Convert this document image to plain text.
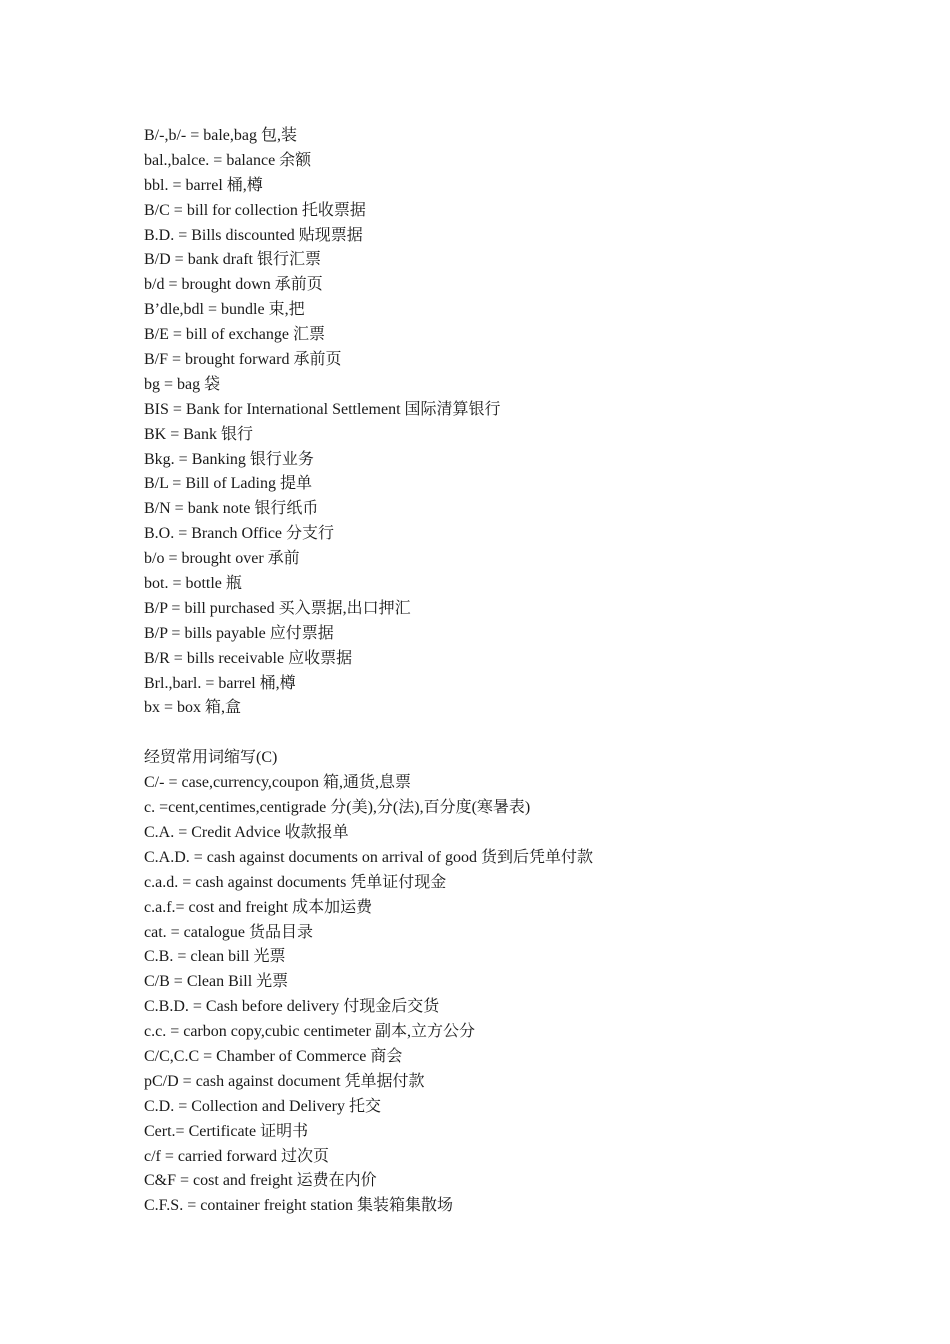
B/-,b/- = bale,bag 包,装
bal.,balce. = balance 余额
bbl. = barrel 桶,樽
B/C = bill for collection 托收票据
B.D. = Bills discounted 贴现票据
B/D = bank draft 银行汇票
b/d = brought down 承前页
B’dle,bdl = bundle 束,把
B/E = bill of exchange 汇票
B/F = brought forward 承前页
bg = bag 袋
BIS = Bank for International Settlement 国际清算银行
BK = Bank 银行
Bkg. = Banking 银行业务
B/L = Bill of Lading 提单
B/N = bank note 银行纸币
B.O. = Branch Office 分支行
b/o = brought over 承前
bot. = bottle 瓶
B/P = bill purchased 买入票据,出口押汇
B/P = bills payable 应付票据
B/R = bills receivable 应收票据
Brl.,barl. = barrel 桶,樽
bx = box 箱,盒
经贸常用词缩写(C)
C/- = case,currency,coupon 箱,通货,息票
c. =cent,centimes,centigrade 分(美),分(法),百分度(寒暑表)
C.A. = Credit Advice 收款报单
C.A.D. = cash against documents on arrival of good 货到后凭单付款
c.a.d. = cash against documents 凭单证付现金
c.a.f.= cost and freight 成本加运费
cat. = catalogue 货品目录
C.B. = clean bill 光票
C/B = Clean Bill 光票
C.B.D. = Cash before delivery 付现金后交货
c.c. = carbon copy,cubic centimeter 副本,立方公分
C/C,C.C = Chamber of Commerce 商会
pC/D = cash against document 凭单据付款
C.D. = Collection and Delivery 托交
Cert.= Certificate 证明书
c/f = carried forward 过次页
C&F = cost and freight 运费在内价
C.F.S. = container freight station 集装箱集散场
